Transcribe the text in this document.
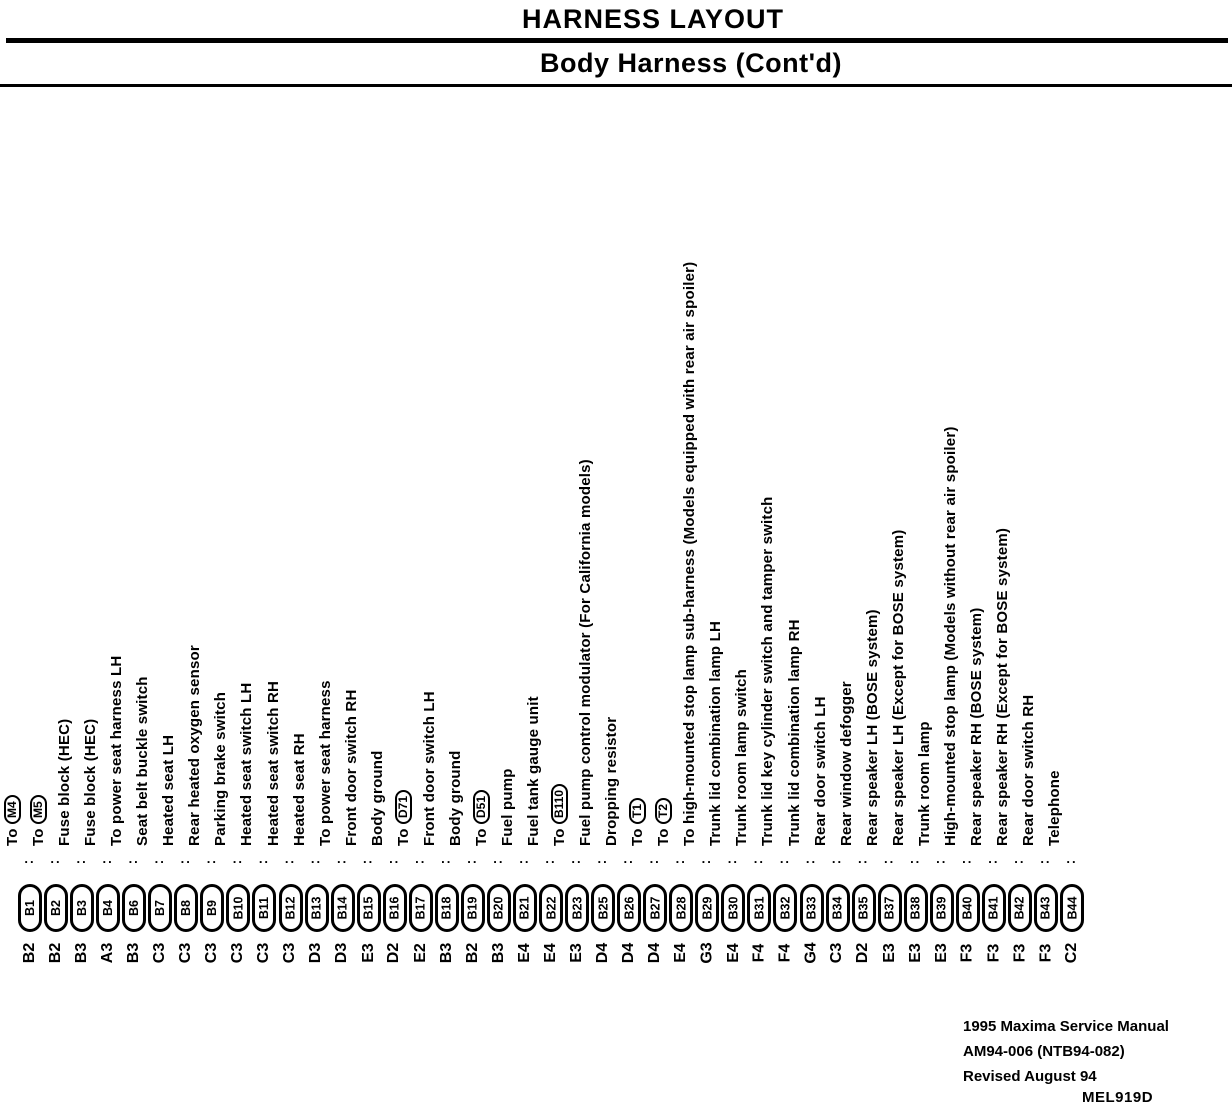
HARNESS LAYOUT
Body Harness (Cont'd)
To M4
..
B1
B2
To M5
..
B2
B2
Fuse block (HEC)
..
B3
B3
Fuse block (HEC)
..
B4
A3
To power seat harness LH
..
B6
B3
Seat belt buckle switch
..
B7
C3
Heated seat LH
..
B8
C3
Rear heated oxygen sensor
..
B9
C3
Parking brake switch
..
B10
C3
Heated seat switch LH
..
B11
C3
Heated seat switch RH
..
B12
C3
Heated seat RH
..
B13
D3
To power seat harness
..
B14
D3
Front door switch RH
..
B15
E3
Body ground
..
B16
D2
To D71
..
B17
E2
Front door switch LH
..
B18
B3
Body ground
..
B19
B2
To D51
..
B20
B3
Fuel pump
..
B21
E4
Fuel tank gauge unit
..
B22
E4
To B110
..
B23
E3
Fuel pump control modulator (For California models)
..
B25
D4
Dropping resistor
..
B26
D4
To T1
..
B27
D4
To T2
..
B28
E4
To high-mounted stop lamp sub-harness (Models equipped with rear air spoiler)
..
B29
G3
Trunk lid combination lamp LH
..
B30
E4
Trunk room lamp switch
..
B31
F4
Trunk lid key cylinder switch and tamper switch
..
B32
F4
Trunk lid combination lamp RH
..
B33
G4
Rear door switch LH
..
B34
C3
Rear window defogger
..
B35
D2
Rear speaker LH (BOSE system)
..
B37
E3
Rear speaker LH (Except for BOSE system)
..
B38
E3
Trunk room lamp
..
B39
E3
High-mounted stop lamp (Models without rear air spoiler)
..
B40
F3
Rear speaker RH (BOSE system)
..
B41
F3
Rear speaker RH (Except for BOSE system)
..
B42
F3
Rear door switch RH
..
B43
F3
Telephone
..
B44
C2
1995 Maxima Service Manual
AM94-006 (NTB94-082)
Revised August 94
MEL919D
